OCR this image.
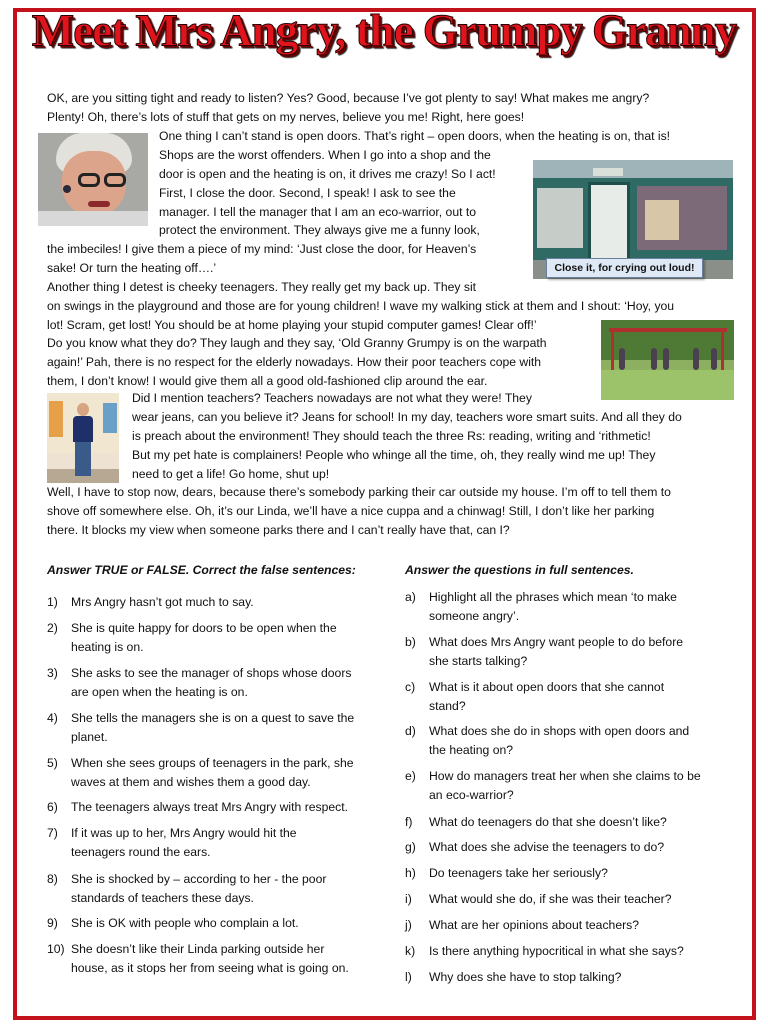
Meet Mrs Angry, the Grumpy Granny
OK, are you sitting tight and ready to listen? Yes? Good, because I’ve got plenty to say! What makes me angry?
Plenty! Oh, there’s lots of stuff that gets on my nerves, believe you me! Right, here goes!
One thing I can’t stand is open doors. That’s right – open doors, when the heating is on, that is!
Shops are the worst offenders. When I go into a shop and the
door is open and the heating is on, it drives me crazy! So I act!
First, I close the door. Second, I speak! I ask to see the
manager. I tell the manager that I am an eco-warrior, out to
protect the environment. They always give me a funny look,
Close it, for crying out loud!
the imbeciles! I give them a piece of my mind: ‘Just close the door, for Heaven’s
sake! Or turn the heating off….’
Another thing I detest is cheeky teenagers. They really get my back up. They sit
on swings in the playground and those are for young children! I wave my walking stick at them and I shout: ‘Hoy, you
lot! Scram, get lost! You should be at home playing your stupid computer games! Clear off!’
Do you know what they do? They laugh and they say, ‘Old Granny Grumpy is on the warpath
again!’ Pah, there is no respect for the elderly nowadays. How their poor teachers cope with
them, I don’t know! I would give them all a good old-fashioned clip around the ear.
Did I mention teachers? Teachers nowadays are not what they were! They
wear jeans, can you believe it? Jeans for school! In my day, teachers wore smart suits. And all they do
is preach about the environment! They should teach the three Rs: reading, writing and ‘rithmetic!
But my pet hate is complainers! People who whinge all the time, oh, they really wind me up! They
need to get a life! Go home, shut up!
Well, I have to stop now, dears, because there’s somebody parking their car outside my house. I’m off to tell them to
shove off somewhere else. Oh, it’s our Linda, we’ll have a nice cuppa and a chinwag! Still, I don’t like her parking
there. It blocks my view when someone parks there and I can’t really have that, can I?
Answer TRUE or FALSE. Correct the false sentences:	Answer the questions in full sentences.
1) Mrs Angry hasn’t got much to say.
2) She is quite happy for doors to be open when the
heating is on.
3) She asks to see the manager of shops whose doors
are open when the heating is on.
4) She tells the managers she is on a quest to save the
planet.
5) When she sees groups of teenagers in the park, she
waves at them and wishes them a good day.
6) The teenagers always treat Mrs Angry with respect.
7) If it was up to her, Mrs Angry would hit the
teenagers round the ears.
8) She is shocked by – according to her - the poor
standards of teachers these days.
9) She is OK with people who complain a lot.
10) She doesn’t like their Linda parking outside her
house, as it stops her from seeing what is going on.
a) Highlight all the phrases which mean ‘to make
someone angry’.
b) What does Mrs Angry want people to do before
she starts talking?
c) What is it about open doors that she cannot
stand?
d) What does she do in shops with open doors and
the heating on?
e) How do managers treat her when she claims to be
an eco-warrior?
f) What do teenagers do that she doesn’t like?
g) What does she advise the teenagers to do?
h) Do teenagers take her seriously?
i) What would she do, if she was their teacher?
j) What are her opinions about teachers?
k) Is there anything hypocritical in what she says?
l) Why does she have to stop talking?
